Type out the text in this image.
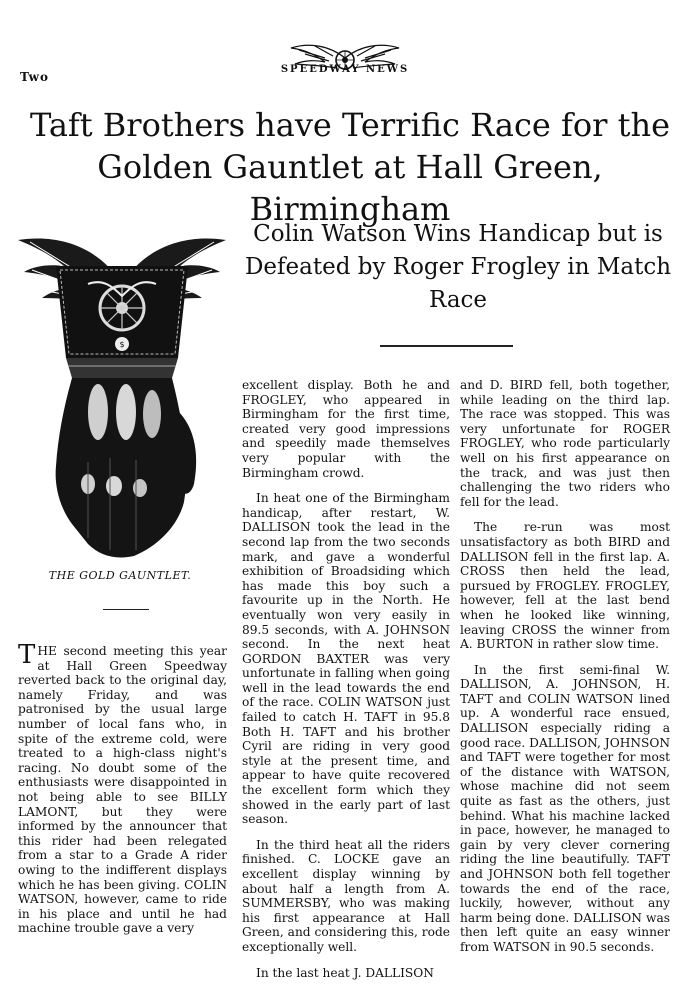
Two
SPEEDWAY NEWS
Taft Brothers have Terrific Race for the Golden Gauntlet at Hall Green, Birmingham
Colin Watson Wins Handicap but is Defeated by Roger Frogley in Match Race
$
THE GOLD GAUNTLET.

THE second meeting this year at Hall Green Speedway reverted back to the original day, namely Friday, and was patronised by the usual large number of local fans who, in spite of the extreme cold, were treated to a high-class night's racing. No doubt some of the enthusiasts were disappointed in not being able to see BILLY LAMONT, but they were informed by the announcer that this rider had been relegated from a star to a Grade A rider owing to the indifferent displays which he has been giving. COLIN WATSON, however, came to ride in his place and until he had machine trouble gave a very

excellent display. Both he and FROGLEY, who appeared in Birmingham for the first time, created very good impressions and speedily made themselves very popular with the Birmingham crowd.

In heat one of the Birmingham handicap, after restart, W. DALLISON took the lead in the second lap from the two seconds mark, and gave a wonderful exhibition of Broadsiding which has made this boy such a favourite up in the North. He eventually won very easily in 89.5 seconds, with A. JOHNSON second. In the next heat GORDON BAXTER was very unfortunate in falling when going well in the lead towards the end of the race. COLIN WATSON just failed to catch H. TAFT in 95.8 Both H. TAFT and his brother Cyril are riding in very good style at the present time, and appear to have quite recovered the excellent form which they showed in the early part of last season.

In the third heat all the riders finished. C. LOCKE gave an excellent display winning by about half a length from A. SUMMERSBY, who was making his first appearance at Hall Green, and considering this, rode exceptionally well.

In the last heat J. DALLISON

and D. BIRD fell, both together, while leading on the third lap. The race was stopped. This was very unfortunate for ROGER FROGLEY, who rode particularly well on his first appearance on the track, and was just then challenging the two riders who fell for the lead.

The re-run was most unsatisfactory as both BIRD and DALLISON fell in the first lap. A. CROSS then held the lead, pursued by FROGLEY. FROGLEY, however, fell at the last bend when he looked like winning, leaving CROSS the winner from A. BURTON in rather slow time.

In the first semi-final W. DALLISON, A. JOHNSON, H. TAFT and COLIN WATSON lined up. A wonderful race ensued, DALLISON especially riding a good race. DALLISON, JOHNSON and TAFT were together for most of the distance with WATSON, whose machine did not seem quite as fast as the others, just behind. What his machine lacked in pace, however, he managed to gain by very clever cornering riding the line beautifully. TAFT and JOHNSON both fell together towards the end of the race, luckily, however, without any harm being done. DALLISON was then left quite an easy winner from WATSON in 90.5 seconds.
